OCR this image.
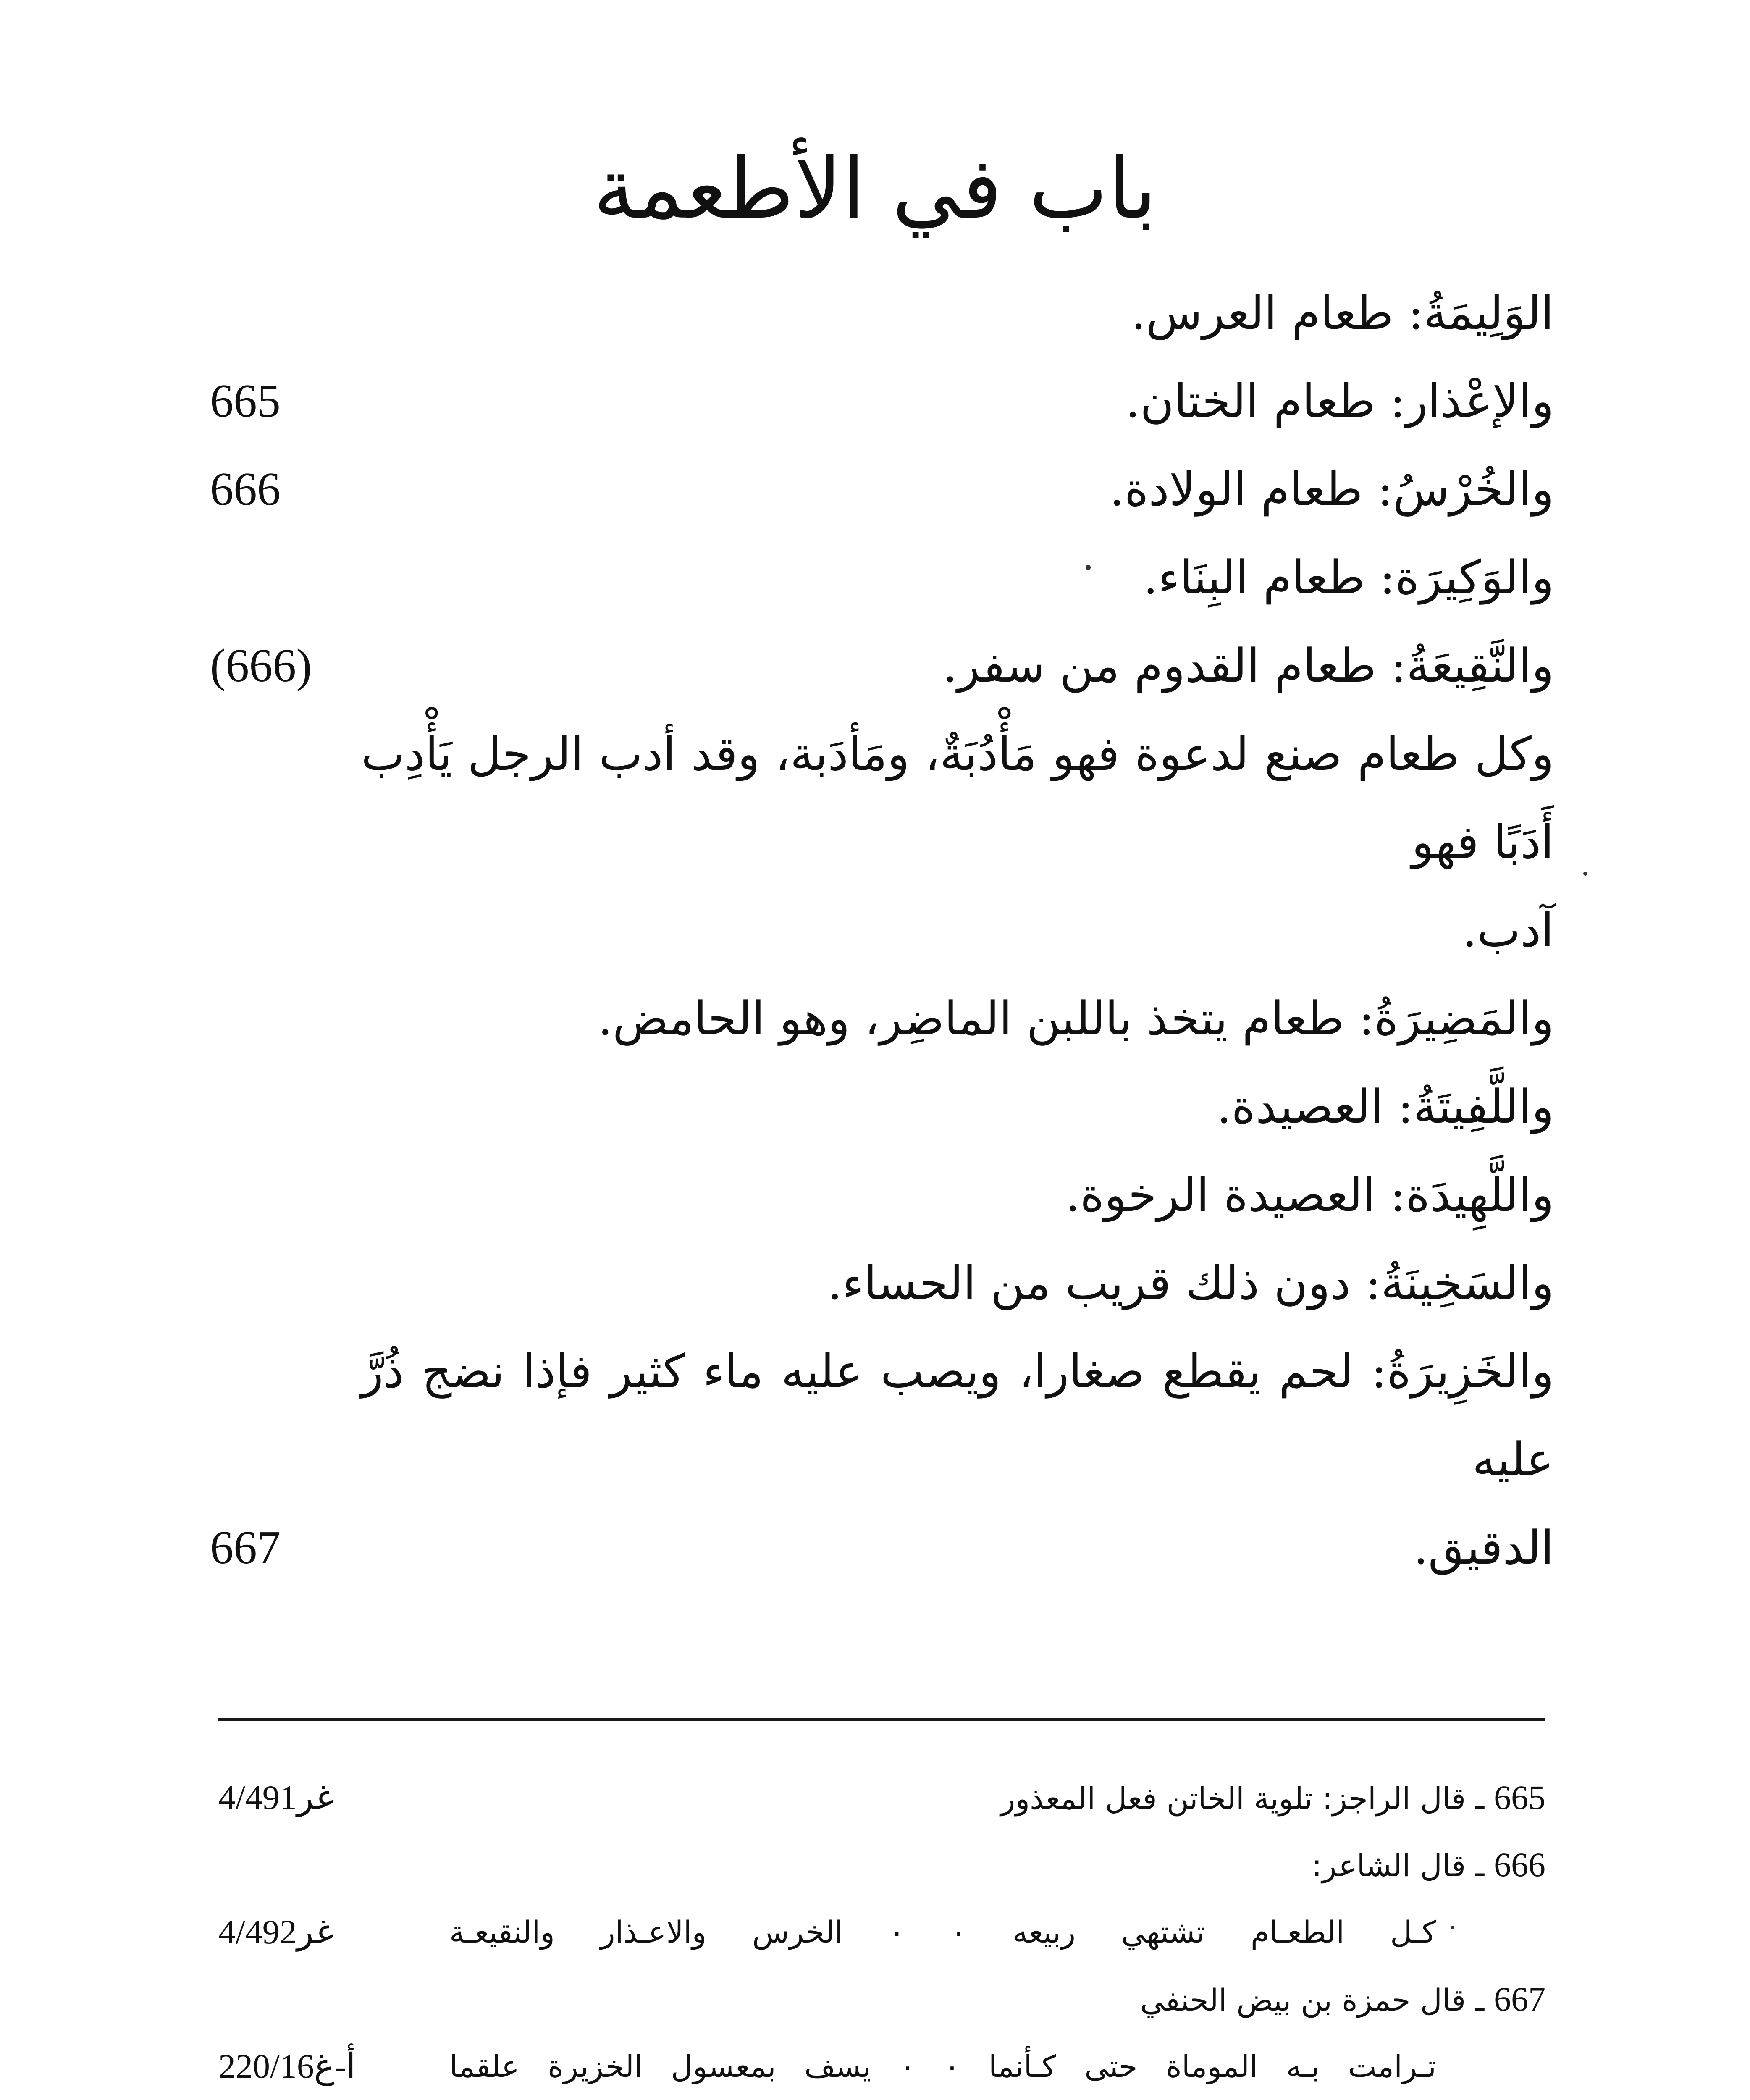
باب في الأطعمة
الوَلِيمَةُ: طعام العرس.
والإعْذار: طعام الختان.
665
والخُرْسُ: طعام الولادة.
666
والوَكِيرَة: طعام البِنَاء.
والنَّقِيعَةُ: طعام القدوم من سفر.
(666)
وكل طعام صنع لدعوة فهو مَأْدُبَةٌ، ومَأدَبة، وقد أدب الرجل يَأْدِب أَدَبًا فهو
آدب.
والمَضِيرَةُ: طعام يتخذ باللبن الماضِر، وهو الحامض.
واللَّفِيتَةُ: العصيدة.
واللَّهِيدَة: العصيدة الرخوة.
والسَخِينَةُ: دون ذلك قريب من الحساء.
والخَزِيرَةُ: لحم يقطع صغارا، ويصب عليه ماء كثير فإذا نضج ذُرَّ عليه
الدقيق.
667
665 ـ قال الراجز: تلوية الخاتن فعل المعذور
غر4/491
666 ـ قال الشاعر:
كـل الطعـام تشتهي ربيعه ٠ ٠ الخرس والاعـذار والنقيعـة
غر4/492
667 ـ قال حمزة بن بيض الحنفي
تـرامت بـه الموماة حتى كـأنما ٠ ٠ يسف بمعسول الخزيرة علقما
أ-غ220/16
